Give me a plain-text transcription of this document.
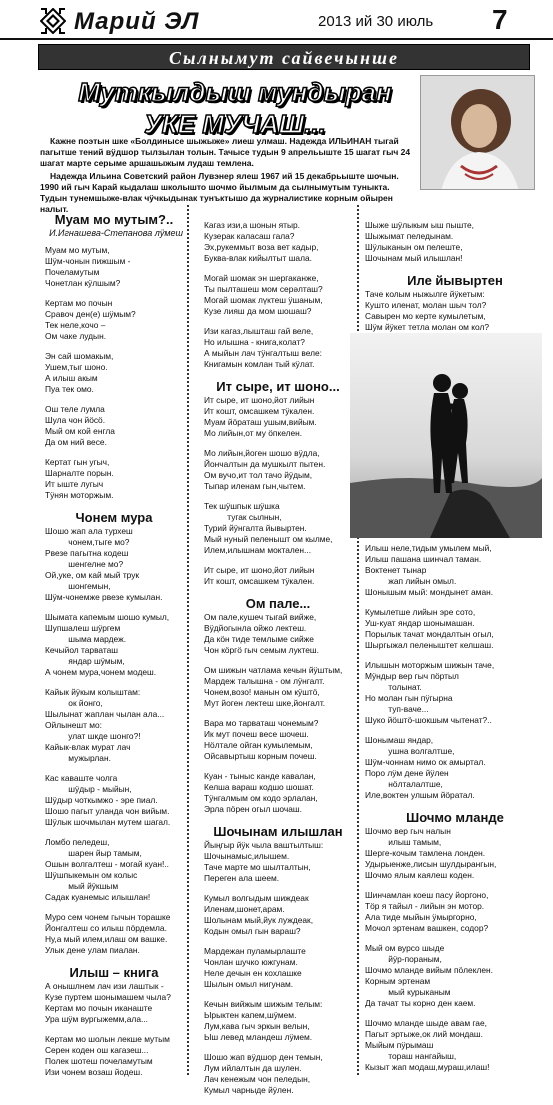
Марий ЭЛ	2013 ий 30 июль 7
Сылнымут сайвечынше
Муткылдыш мундыран
УКЕ МУЧАШ...

Кажне поэтын шке «Болдинысе шыжыже» лиеш улмаш. Надежда ИЛЬИНАН тыгай пагытше тений вӱдшор тылзылан толын. Тачысе тудын 9 апрельыште 15 шагат гыч 24 шагат марте серыме аршашыжым лудаш темлена.

Надежда Ильина Советский район Лувэнер ялеш 1967 ий 15 декабрьыште шочын. 1990 ий гыч Карай кыдалаш школышто шочмо йылмым да сылнымутым туныкта. Тудын тунемшыже-влак чӱчкыдынак тунъктышо да журналистике корным ойырен налыт.

Муам мо мутым?..
И.Игнашева-Степанова лӱмеш

Муам мо мутым,
Шӱм-чонын пижшым -
Почеламутым
Чонетлан кӱлшым?

Кертам мо почын
Сравоч ден(е) шӱмым?
Тек неле,кочо –
Ом чаке лудын.

Эн сай шомакым,
Ушем,тыг шоно.
А илыш акым
Пуа тек омо.

Ош теле лумла
Шула чон йӧсӧ.
Мый ом кой енгла
Да ом ний весе.

Кертат гын угыч,
Шарналте порын.
Ит ыште лугыч
Тӱнян моторжым.

Чонем мура

Шошо жап ала турхеш
чонем,тыге мо?
Рвезе пагытна кодеш
шенгелне мо?
Ой,уке, ом кай мый трук
шонгемын,
Шӱм-чонемже рвезе кумылан.

Шымата капемым шошо кумыл,
Шупшалеш шӱргем
шыма мардеж.
Кечыйол тарваташ
яндар шӱмым,
А чонем мура,чонем модеш.

Кайык йӱкым колыштам:
ок йонго,
Шылынат жаплан чылан ала...
Ойлынешт мо:
улат шкде шонго?!
Кайык-влак мурат лач
мужырлан.

Кас каваште чолга
шӱдыр - мыйын,
Шӱдыр чоткымжо - эре пиал.
Шошо пагыт уланда чон вийым.
Шӱлык шочмылан мутем шагал.

Ломбо пеледеш,
шарен йыр тамым,
Ошын волгалтеш - могай куан!..
Шӱшпыкемын ом колыс
мый йӱкшым
Садак куанемыс илышлан!

Муро сем чонем гычын торашке
Йонгалтеш со илыш пӧрдемла.
Ну,а мый илем,илаш ом вашке.
Улык дене улам пиалан.

Илыш – книга

А онышлнем лач изи лаштык -
Кузе пуртем шонымашем чыла?
Кертам мо почын иканаште
Ура шӱм вургыжемм,ала...

Кертам мо шолын лекше мутым
Серен коден ош кагазеш...
Полек шотеш почеламутым
Изи чонем возаш йодеш.

Кагаз изи,а шонын ятыр.
Кузерак каласаш гала?
Эх,рукеммыт воза вет кадыр,
Буква-влак кийылтыт шала.

Могай шомак эн шергаканже,
Ты пылташеш мом серәлташ?
Могай шомак лүктеш ӱшаным,
Кузе лияш да мом шошаш?

Изи кагаз,лышташ гай веле,
Но илышна - книга,колат?
А мыйын лач тӱнгалтыш веле:
Книгамын комлан тый кӱлат.

Ит сыре, ит шоно...

Ит сыре, ит шоно,йот лийын
Ит кошт, омсашкем тӱкален.
Муам йӧраташ ушым,вийым.
Мо лийын,от му ӧпкелен.

Мо лийын,йоген шошо вӱдла,
Йончалтын да мушкылт пытен.
Ом вучо,ит тол тачо йӱдым,
Тыпар иленам гын,чытем.

Тек шӱшпык шӱшка
тугак сылнын,
Турий йӱнгалта йывыртен.
Мый нуный пеленышт ом кылме,
Илем,илышнам моктален...

Ит сыре, ит шоно,йот лийын
Ит кошт, омсашкем тӱкален.

Ом пале...

Ом пале,кушеч тыгай вийже,
Вӱдйогынла ойжо лектеш.
Да кӧн тиде темлыме сийже
Чон кӧргӧ гыч семым луктеш.

Ом шижын чатлама кечын йӱштым,
Мардеж талышна - ом лӱнгалт.
Чонем,возо! манын ом кӱштӧ,
Мут йоген лектеш шке,йонгалт.

Вара мо тарваташ чонемым?
Ик мут почеш весе шочеш.
Нӧлтале ойган кумылемым,
Ойсавыртыш корным почеш.

Куан - тыныс канде кавалан,
Келша вараш кодшо шошат.
Тӱнгалмым ом кодо эрлалан,
Эрла пӧрен огыл шочаш.

Шочынам илышлан

Йыңгыр йӱк чыла ваштылтыш:
Шочынамыс,илышем.
Таче марте мо шылталтын,
Переген ала шеем.

Кумыл волгыдым шиждеак
Иленам,шонет,арам.
Шолынам мый,йук луждеак,
Кодын омыл гын вараш?

Мардежан пуламырлаште
Чонлан шучко южгунам.
Неле дечын ен кохлашке
Шылын омыл нигунам.

Кечын вийжым шижым телым:
Ырыктен капем,шӱмем.
Лум,кава гыч эркын велын,
Ыш левед мландеш лӱмем.

Шошо жап вӱдшор ден темын,
Лум ийлалтын да шулен.
Лач кенежым чон пеледын,
Кумыл чарныде йӱлен.

Шыже шӱлыкым ыш пыште,
Шыжымат пеледынам.
Шӱлыканын ом пелеште,
Шочынам мый илышлан!

Иле йывыртен

Таче колым ныжылге йӱкетым:
Кушто иленат, молан шыч тол?
Савырен мо керте кумылетым,
Шӱм йӱкет тетла молан ом кол?

Илыш неле,тидым умылем мый,
Илыш пашана шинчал таман.
Воктенет тынар
жап лийын омыл.
Шонышым мый: мондынет аман.

Кумылетше лийын эре сото,
Уш-куат яндар шонымашан.
Порылык тачат мондалтын огыл,
Шыргыжал пеленыштет келшаш.

Илышын моторжым шижын таче,
Мӱндыр вер гыч пӧртыл
толынат.
Но молан гын пӱгырна
туп-ваче...
Шуко йӧштӧ-шокшым чытенат?..

Шонымаш яндар,
ушна волгалтше,
Шӱм-чоннам нимо ок амыртал.
Поро лӱм дене йӱлен
нӧлталалтше,
Иле,воктен улшым йӧратал.

Шочмо мланде

Шочмо вер гыч налын
илыш тамым,
Шерге-кочым тамлена лонден.
Удырыенже,лисын шулдырангын,
Шочмо ялым каялеш коден.

Шинчамлан коеш пасу йоргоно,
Тӧр я тайыл - лийын эн мотор.
Ала тиде мыйын ӱмыргорно,
Мочол эртенам вашкен, содор?

Мый ом вурсо шыде
йӱр-пораным,
Шочмо мланде вийым пӧлеклен.
Корным эртенам
мый курыканым
Да тачат ты корно ден каем.

Шочмо мланде шыде авам гае,
Пагыт эртыже,ок лий мондаш.
Мыйым пӱрымаш
тораш нангайыш,
Кызыт жап модаш,мураш,илаш!
